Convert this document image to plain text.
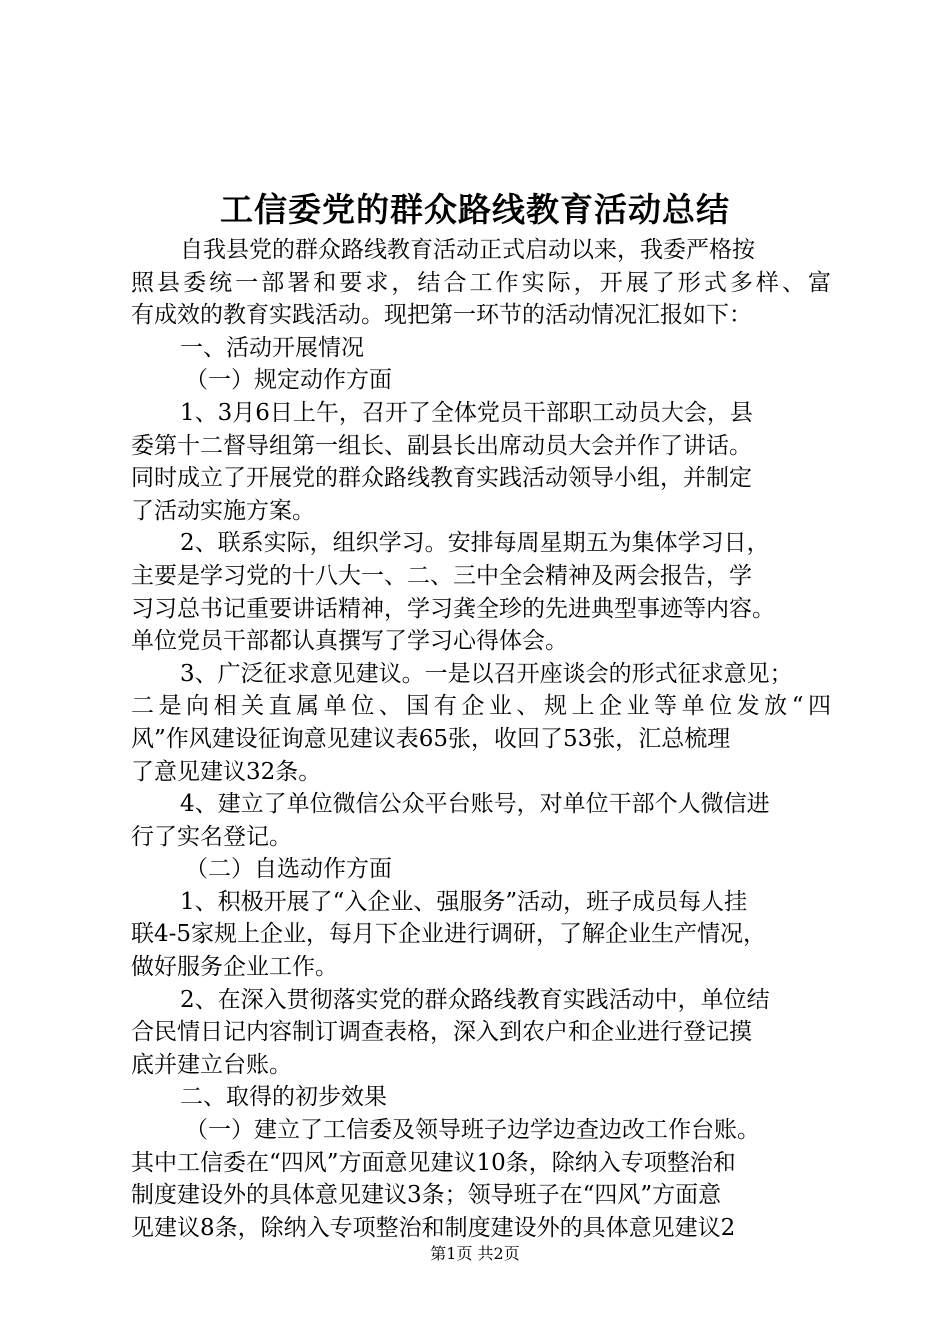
工信委党的群众路线教育活动总结
自我县党的群众路线教育活动正式启动以来，我委严格按
照县委统一部署和要求，结合工作实际，开展了形式多样、富
有成效的教育实践活动。现把第一环节的活动情况汇报如下：
一、活动开展情况
（一）规定动作方面
1、3月6日上午，召开了全体党员干部职工动员大会，县
委第十二督导组第一组长、副县长出席动员大会并作了讲话。
同时成立了开展党的群众路线教育实践活动领导小组，并制定
了活动实施方案。
2、联系实际，组织学习。安排每周星期五为集体学习日，
主要是学习党的十八大一、二、三中全会精神及两会报告，学
习习总书记重要讲话精神，学习龚全珍的先进典型事迹等内容。
单位党员干部都认真撰写了学习心得体会。
3、广泛征求意见建议。一是以召开座谈会的形式征求意见；
二是向相关直属单位、国有企业、规上企业等单位发放“四
风”作风建设征询意见建议表65张，收回了53张，汇总梳理
了意见建议32条。
4、建立了单位微信公众平台账号，对单位干部个人微信进
行了实名登记。
（二）自选动作方面
1、积极开展了“入企业、强服务”活动，班子成员每人挂
联4-5家规上企业，每月下企业进行调研，了解企业生产情况，
做好服务企业工作。
2、在深入贯彻落实党的群众路线教育实践活动中，单位结
合民情日记内容制订调查表格，深入到农户和企业进行登记摸
底并建立台账。
二、取得的初步效果
（一）建立了工信委及领导班子边学边查边改工作台账。
其中工信委在“四风”方面意见建议10条，除纳入专项整治和
制度建设外的具体意见建议3条；领导班子在“四风”方面意
见建议8条，除纳入专项整治和制度建设外的具体意见建议2
第1页 共2页
